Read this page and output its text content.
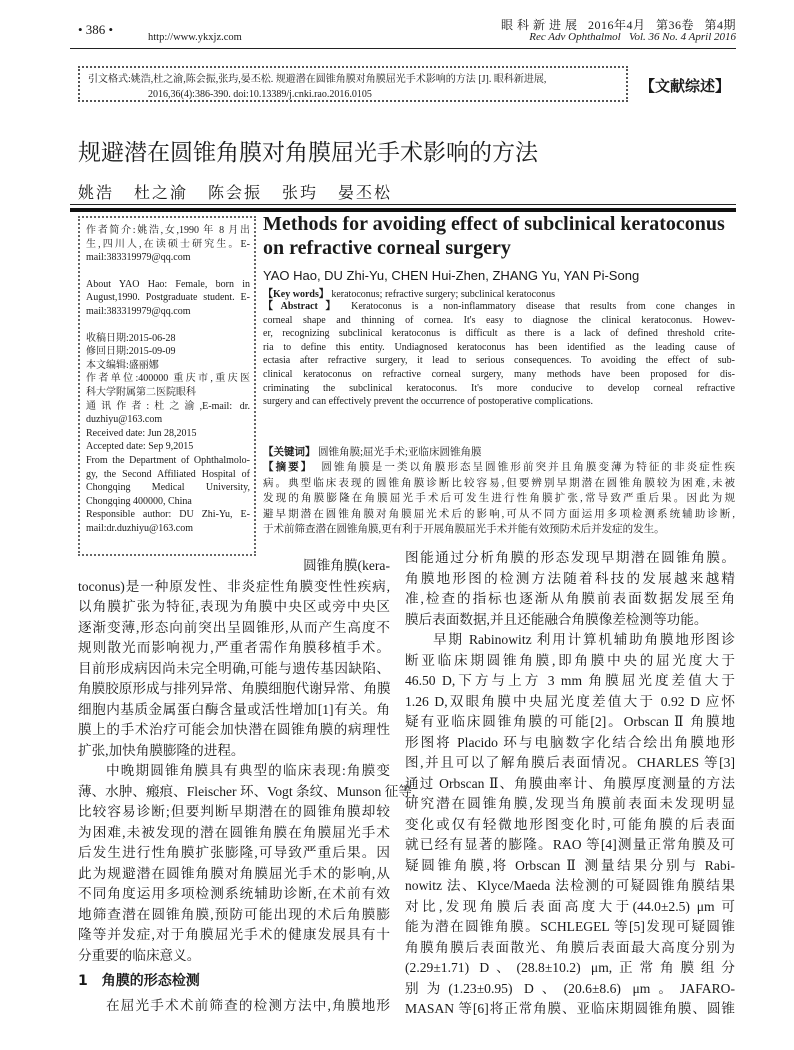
• 386 •
http://www.ykxjz.com
眼 科 新 进 展   2016年4月   第36卷   第4期
Rec Adv Ophthalmol   Vol. 36 No. 4 April 2016
引文格式:姚浩,杜之渝,陈会振,张玙,晏丕松. 规避潜在圆锥角膜对角膜屈光手术影响的方法 [J]. 眼科新进展,
2016,36(4):386-390. doi:10.13389/j.cnki.rao.2016.0105	【文献综述】
规避潜在圆锥角膜对角膜屈光手术影响的方法
姚浩 杜之渝 陈会振 张玙 晏丕松
作者简介:姚浩,女,1990 年 8 月出
生,四川人,在读硕士研究生。E-
mail:383319979@qq.com
About YAO Hao: Female, born in
August,1990. Postgraduate student. E-
mail:383319979@qq.com
收稿日期:2015-06-28
修回日期:2015-09-09
本文编辑:盛丽娜
作者单位:400000 重庆市,重庆医
科大学附属第二医院眼科
通讯作者:杜之渝,E-mail: dr.
duzhiyu@163.com
Received date: Jun 28,2015
Accepted date: Sep 9,2015
From the Department of Ophthalmolo-
gy, the Second Affiliated Hospital of
Chongqing Medical University,
Chongqing 400000, China
Responsible author: DU Zhi-Yu, E-
mail:dr.duzhiyu@163.com
Methods for avoiding effect of subclinical keratoconus on refractive corneal surgery
YAO Hao, DU Zhi-Yu, CHEN Hui-Zhen, ZHANG Yu, YAN Pi-Song
【Key words】 keratoconus; refractive surgery; subclinical keratoconus
【Abstract】 Keratoconus is a non-inflammatory disease that results from cone changes in
corneal shape and thinning of cornea. It's easy to diagnose the clinical keratoconus. Howev-
er, recognizing subclinical keratoconus is difficult as there is a lack of defined threshold crite-
ria to define this entity. Undiagnosed keratoconus has been identified as the leading cause of
ectasia after refractive surgery, it lead to serious consequences. To avoiding the effect of sub-
clinical keratoconus on refractive corneal surgery, many methods have been proposed for dis-
criminating the subclinical keratoconus. It's more conducive to develop corneal refractive
surgery and can effectively prevent the occurrence of postoperative complications.
【关键词】 圆锥角膜;屈光手术;亚临床圆锥角膜
【摘要】 圆锥角膜是一类以角膜形态呈圆锥形前突并且角膜变薄为特征的非炎症性疾
病。典型临床表现的圆锥角膜诊断比较容易,但要辨别早期潜在圆锥角膜较为困难,未被
发现的角膜膨隆在角膜屈光手术后可发生进行性角膜扩张,常导致严重后果。因此为规
避早期潜在圆锥角膜对角膜屈光术后的影响,可从不同方面运用多项检测系统辅助诊断,
于术前筛查潜在圆锥角膜,更有利于开展角膜屈光手术并能有效预防术后并发症的发生。
圆锥角膜(kera-
toconus)是一种原发性、非炎症性角膜变性性疾病,
以角膜扩张为特征,表现为角膜中央区或旁中央区
逐渐变薄,形态向前突出呈圆锥形,从而产生高度不
规则散光而影响视力,严重者需作角膜移植手术。
目前形成病因尚未完全明确,可能与遗传基因缺陷、
角膜胶原形成与排列异常、角膜细胞代谢异常、角膜
细胞内基质金属蛋白酶含量或活性增加[1]有关。角
膜上的手术治疗可能会加快潜在圆锥角膜的病理性
扩张,加快角膜膨隆的进程。
中晚期圆锥角膜具有典型的临床表现:角膜变
薄、水肿、瘢痕、Fleischer 环、Vogt 条纹、Munson 征等,
比较容易诊断;但要判断早期潜在的圆锥角膜却较
为困难,未被发现的潜在圆锥角膜在角膜屈光手术
后发生进行性角膜扩张膨隆,可导致严重后果。因
此为规避潜在圆锥角膜对角膜屈光手术的影响,从
不同角度运用多项检测系统辅助诊断,在术前有效
地筛查潜在圆锥角膜,预防可能出现的术后角膜膨
隆等并发症,对于角膜屈光手术的健康发展具有十
分重要的临床意义。
1　角膜的形态检测
在屈光手术术前筛查的检测方法中,角膜地形
图能通过分析角膜的形态发现早期潜在圆锥角膜。
角膜地形图的检测方法随着科技的发展越来越精
准,检查的指标也逐渐从角膜前表面数据发展至角
膜后表面数据,并且还能融合角膜像差检测等功能。
早期 Rabinowitz 利用计算机辅助角膜地形图诊
断亚临床期圆锥角膜,即角膜中央的屈光度大于
46.50 D,下方与上方 3 mm 角膜屈光度差值大于
1.26 D,双眼角膜中央屈光度差值大于 0.92 D 应怀
疑有亚临床圆锥角膜的可能[2]。Orbscan Ⅱ 角膜地
形图将 Placido 环与电脑数字化结合绘出角膜地形
图,并且可以了解角膜后表面情况。CHARLES 等[3]
通过 Orbscan Ⅱ、角膜曲率计、角膜厚度测量的方法
研究潜在圆锥角膜,发现当角膜前表面未发现明显
变化或仅有轻微地形图变化时,可能角膜的后表面
就已经有显著的膨隆。RAO 等[4]测量正常角膜及可
疑圆锥角膜,将 Orbscan Ⅱ 测量结果分别与 Rabi-
nowitz 法、Klyce/Maeda 法检测的可疑圆锥角膜结果
对比,发现角膜后表面高度大于(44.0±2.5) μm 可
能为潜在圆锥角膜。SCHLEGEL 等[5]发现可疑圆锥
角膜角膜后表面散光、角膜后表面最大高度分别为
(2.29±1.71) D、(28.8±10.2) μm,正常角膜组分
别为(1.23±0.95) D、(20.6±8.6) μm。JAFARO-
MASAN 等[6]将正常角膜、亚临床期圆锥角膜、圆锥
